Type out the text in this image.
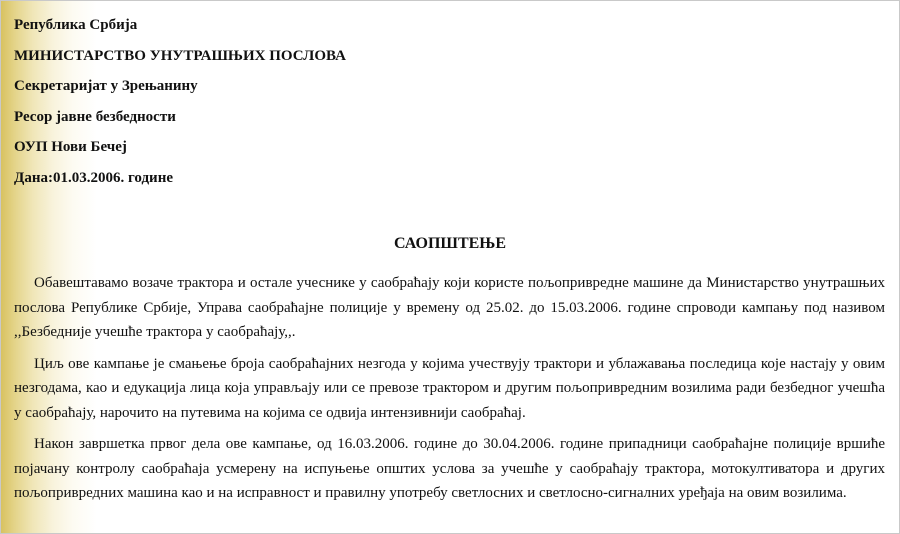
Република Србија
МИНИСТАРСТВО УНУТРАШЊИХ ПОСЛОВА
Секретаријат у Зрењанину
Ресор јавне безбедности
ОУП Нови Бечеј
Дана:01.03.2006. године
САОПШТЕЊЕ

Обавештавамо возаче трактора и остале учеснике у саобраћају који користе пољопривредне машине да Министарство унутрашњих послова Републике Србије, Управа саобраћајне полиције у времену од 25.02. до 15.03.2006. године спроводи кампању под називом ,,Безбедније учешће трактора у саобраћају,,.

Циљ ове кампање је смањење броја саобраћајних незгода у којима учествују трактори и ублажавања последица које настају у овим незгодама, као и едукација лица која управљају или се превозе трактором и другим пољопривредним возилима ради безбедног учешћа у саобраћају, нарочито на путевима на којима се одвија интензивнији саобраћај.

Након завршетка првог дела ове кампање, од 16.03.2006. године до 30.04.2006. године припадници саобраћајне полиције вршиће појачану контролу саобраћаја усмерену на испуњење општих услова за учешће у саобраћају трактора, мотокултиватора и других пољопривредних машина као и на исправност и правилну употребу светлосних и светлосно-сигналних уређаја на овим возилима.
